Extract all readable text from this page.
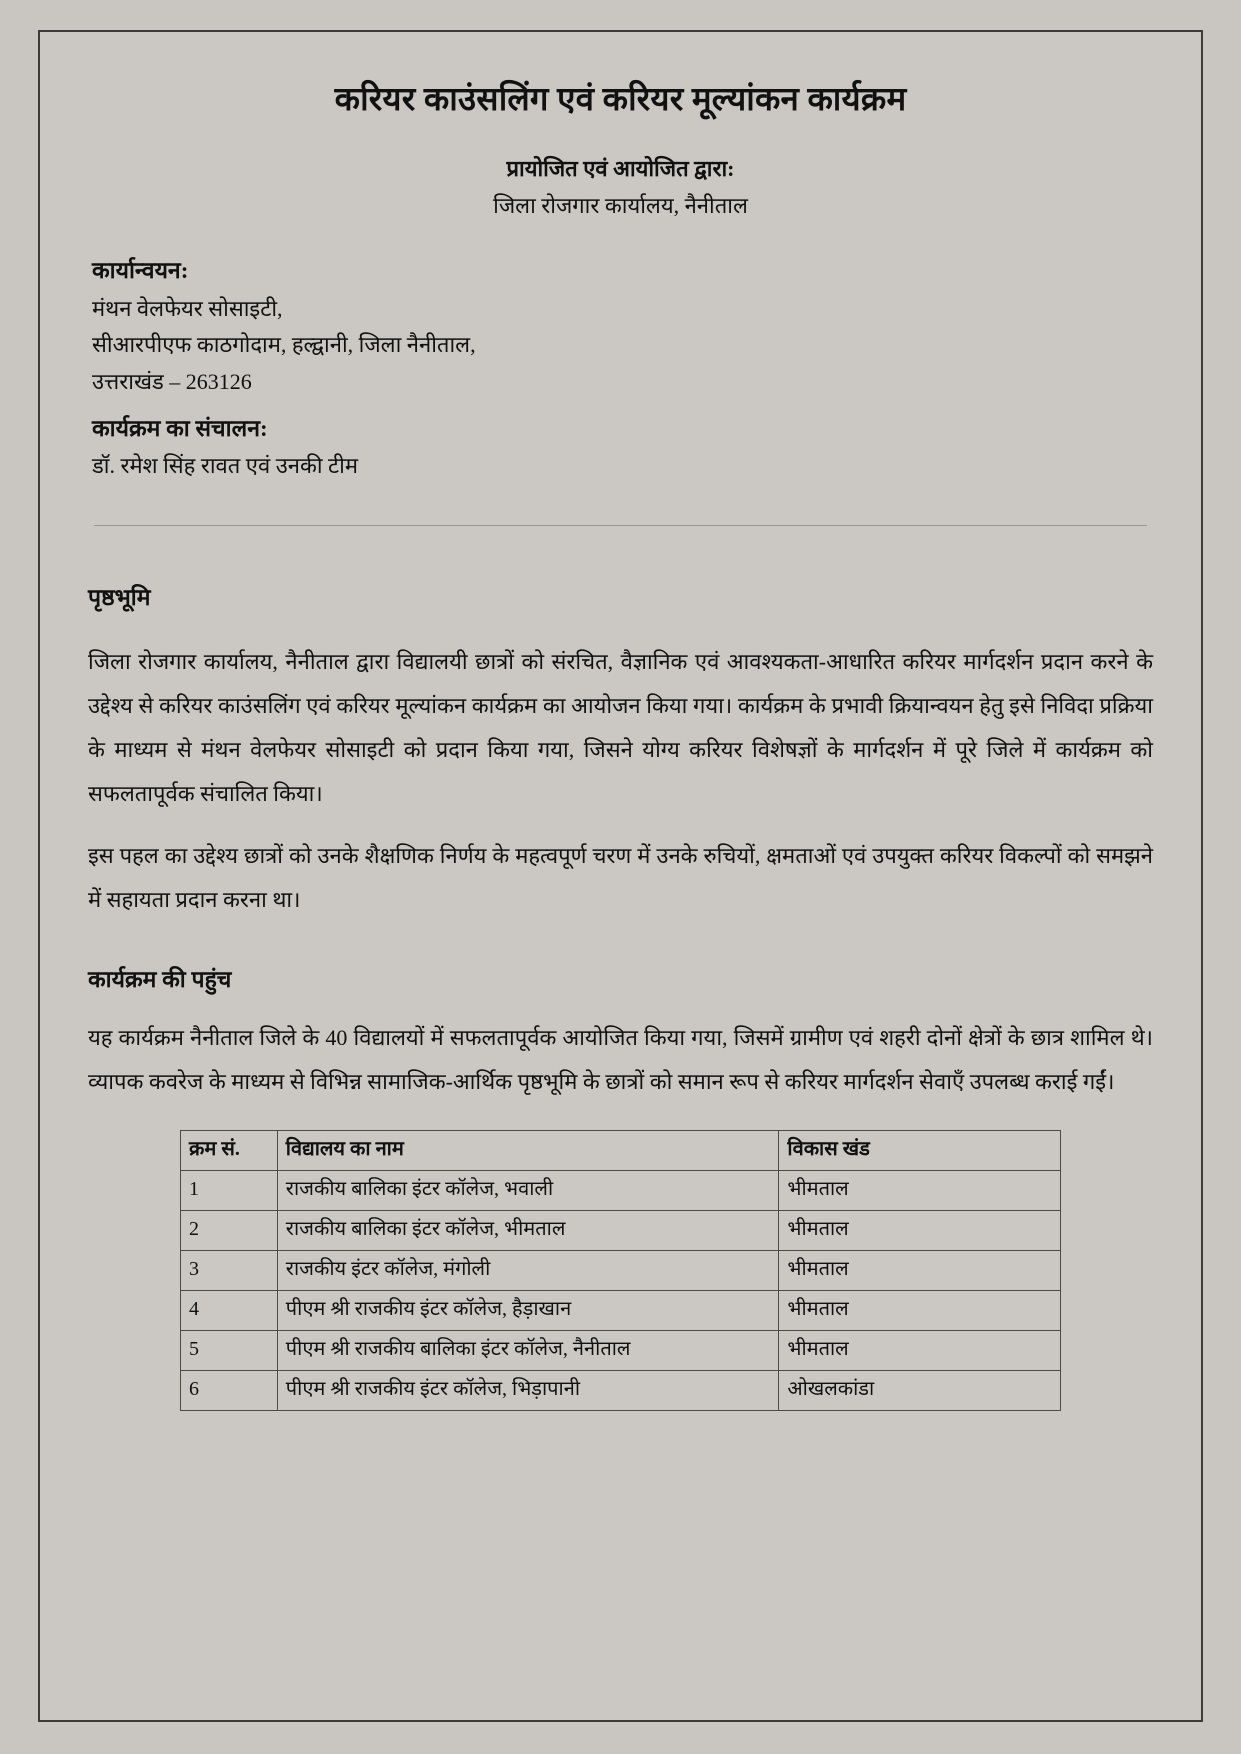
करियर काउंसलिंग एवं करियर मूल्यांकन कार्यक्रम
प्रायोजित एवं आयोजित द्वारा:
जिला रोजगार कार्यालय, नैनीताल
कार्यान्वयन:
मंथन वेलफेयर सोसाइटी,
सीआरपीएफ काठगोदाम, हल्द्वानी, जिला नैनीताल,
उत्तराखंड – 263126
कार्यक्रम का संचालन:
डॉ. रमेश सिंह रावत एवं उनकी टीम
पृष्ठभूमि

जिला रोजगार कार्यालय, नैनीताल द्वारा विद्यालयी छात्रों को संरचित, वैज्ञानिक एवं आवश्यकता-आधारित करियर मार्गदर्शन प्रदान करने के उद्देश्य से करियर काउंसलिंग एवं करियर मूल्यांकन कार्यक्रम का आयोजन किया गया। कार्यक्रम के प्रभावी क्रियान्वयन हेतु इसे निविदा प्रक्रिया के माध्यम से मंथन वेलफेयर सोसाइटी को प्रदान किया गया, जिसने योग्य करियर विशेषज्ञों के मार्गदर्शन में पूरे जिले में कार्यक्रम को सफलतापूर्वक संचालित किया।

इस पहल का उद्देश्य छात्रों को उनके शैक्षणिक निर्णय के महत्वपूर्ण चरण में उनके रुचियों, क्षमताओं एवं उपयुक्त करियर विकल्पों को समझने में सहायता प्रदान करना था।

कार्यक्रम की पहुंच

यह कार्यक्रम नैनीताल जिले के 40 विद्यालयों में सफलतापूर्वक आयोजित किया गया, जिसमें ग्रामीण एवं शहरी दोनों क्षेत्रों के छात्र शामिल थे। व्यापक कवरेज के माध्यम से विभिन्न सामाजिक-आर्थिक पृष्ठभूमि के छात्रों को समान रूप से करियर मार्गदर्शन सेवाएँ उपलब्ध कराई गईं।

क्रम सं.	विद्यालय का नाम	विकास खंड
1	राजकीय बालिका इंटर कॉलेज, भवाली	भीमताल
2	राजकीय बालिका इंटर कॉलेज, भीमताल	भीमताल
3	राजकीय इंटर कॉलेज, मंगोली	भीमताल
4	पीएम श्री राजकीय इंटर कॉलेज, हैड़ाखान	भीमताल
5	पीएम श्री राजकीय बालिका इंटर कॉलेज, नैनीताल	भीमताल
6	पीएम श्री राजकीय इंटर कॉलेज, भिड़ापानी	ओखलकांडा
